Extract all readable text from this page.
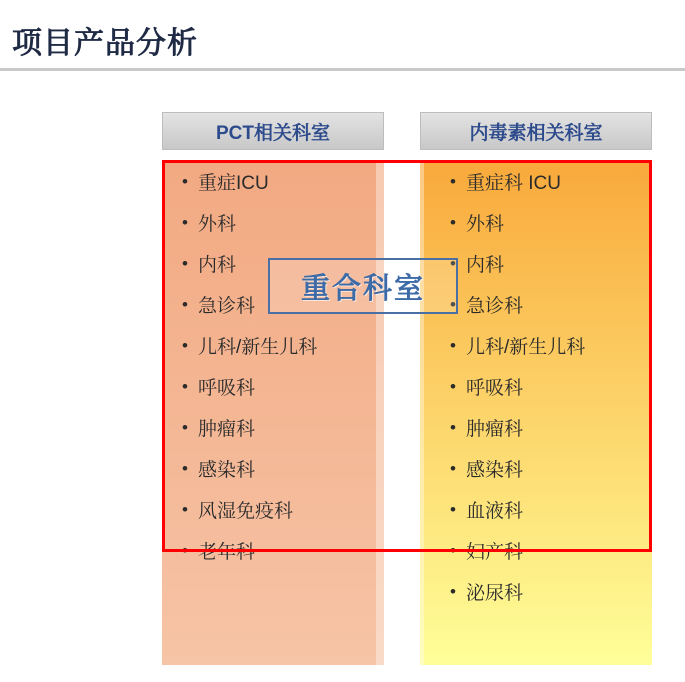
项目产品分析
PCT相关科室	内毒素相关科室
• 重症ICU
• 外科
• 内科
• 急诊科
• 儿科/新生儿科
• 呼吸科
• 肿瘤科
• 感染科
• 风湿免疫科
• 老年科
• 重症科 ICU
• 外科
• 内科
• 急诊科
• 儿科/新生儿科
• 呼吸科
• 肿瘤科
• 感染科
• 血液科
• 妇产科
• 泌尿科
重合科室
